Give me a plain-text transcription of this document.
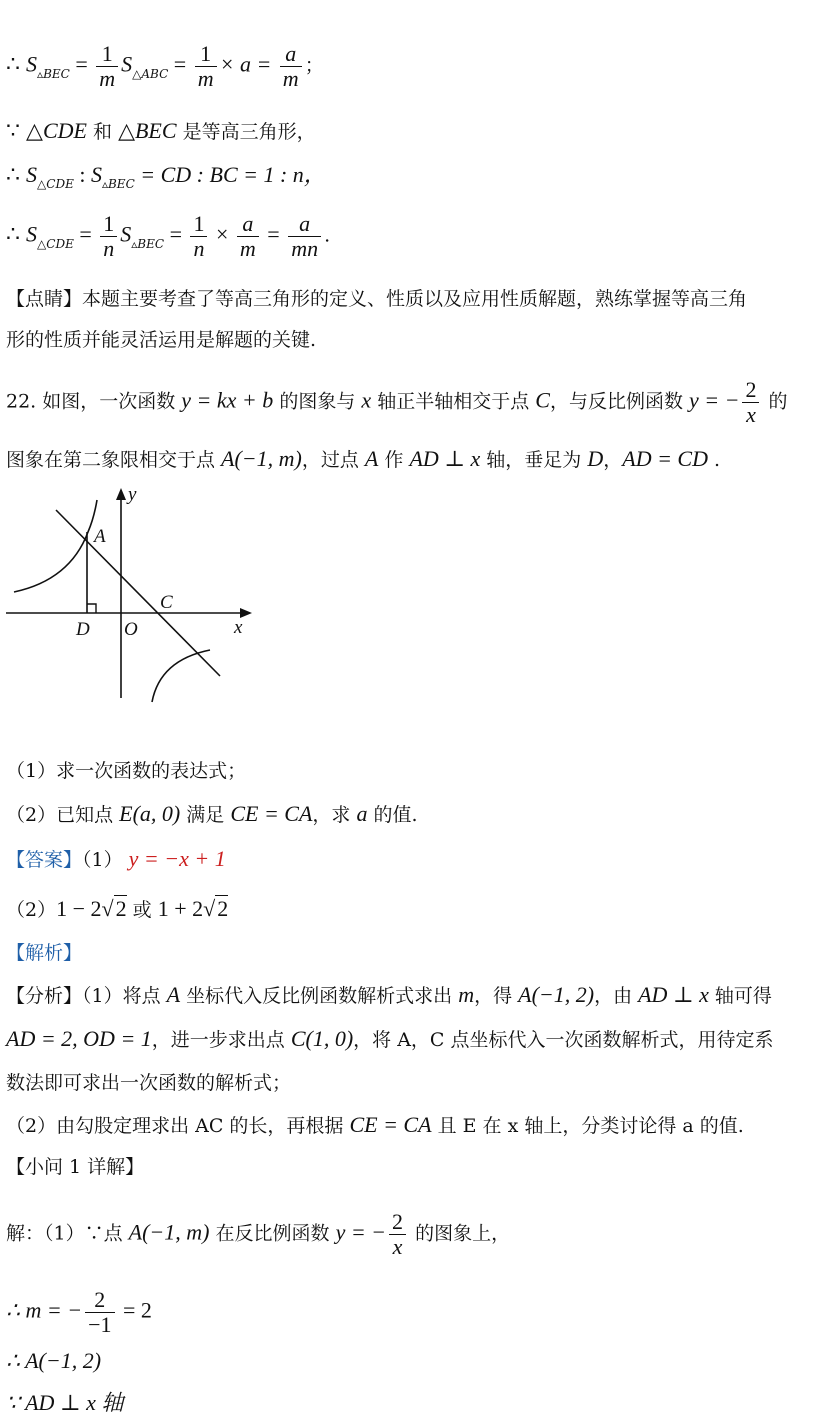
∴ $S_{▵BEC} = \frac{1}{m} S_{\triangle ABC} = \frac{1}{m} \times a = \frac{a}{m}$ ；
∵ △CDE 和 △BEC 是等高三角形，
∴ $S_{\triangle CDE}$ : $S_{▵BEC}$ = CD : BC = 1 : n，
∴ $S_{\triangle CDE} = \frac{1}{n} S_{▵BEC} = \frac{1}{n} \times \frac{a}{m} = \frac{a}{mn}$ .
【点睛】本题主要考查了等高三角形的定义、性质以及应用性质解题，熟练掌握等高三角
形的性质并能灵活运用是解题的关键.
22. 如图，一次函数 y = kx + b 的图象与 x 轴正半轴相交于点 C，与反比例函数 y = − $\frac{2}{x}$ 的
图象在第二象限相交于点 A(−1, m)，过点 A 作 AD ⊥ x 轴，垂足为 D，AD = CD .
y
A
C
D O	x
（1）求一次函数的表达式；
（2）已知点 E(a, 0) 满足 CE = CA，求 a 的值.
【答案】（1） y = −x + 1
（2）1 − 2√2 或 1 + 2√2
【解析】
【分析】（1）将点 A 坐标代入反比例函数解析式求出 m，得 A(−1, 2)，由 AD ⊥ x 轴可得
AD = 2, OD = 1，进一步求出点 C(1, 0)，将 A，C 点坐标代入一次函数解析式，用待定系
数法即可求出一次函数的解析式；
（2）由勾股定理求出 AC 的长，再根据 CE = CA 且 E 在 x 轴上，分类讨论得 a 的值.
【小问 1 详解】
解：（1）∵点 A(−1, m) 在反比例函数 y = − $\frac{2}{x}$ 的图象上，
∴ m = − $\frac{2}{-1} = 2$
∴ A(−1, 2)
∵ AD ⊥ x 轴
